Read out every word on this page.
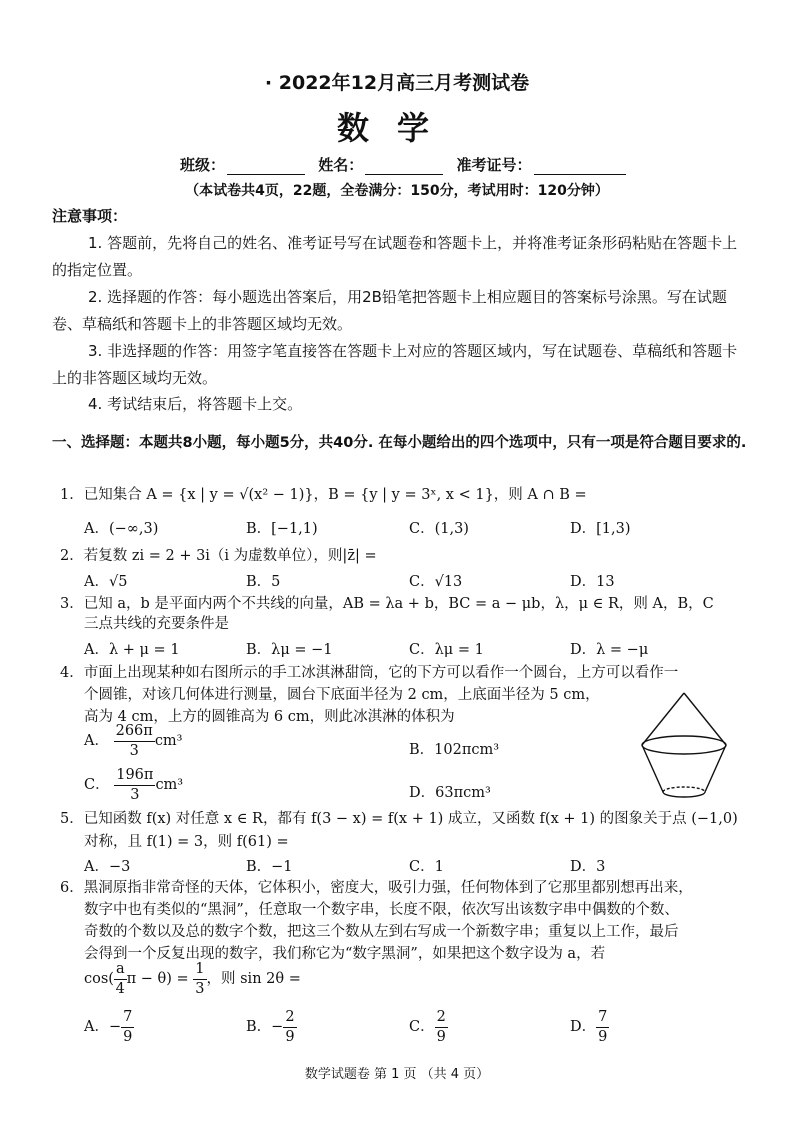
· 2022年12月高三月考测试卷
数学
班级：	姓名：	准考证号：
（本试卷共4页，22题，全卷满分：150分，考试用时：120分钟）
注意事项：
1. 答题前，先将自己的姓名、准考证号写在试题卷和答题卡上，并将准考证条形码粘贴在答题卡上的指定位置。
2. 选择题的作答：每小题选出答案后，用2B铅笔把答题卡上相应题目的答案标号涂黑。写在试题卷、草稿纸和答题卡上的非答题区域均无效。
3. 非选择题的作答：用签字笔直接答在答题卡上对应的答题区域内，写在试题卷、草稿纸和答题卡上的非答题区域均无效。
4. 考试结束后，将答题卡上交。
一、选择题：本题共8小题，每小题5分，共40分. 在每小题给出的四个选项中，只有一项是符合题目要求的.
1．已知集合 A = {x | y = √(x² − 1)}，B = {y | y = 3ˣ, x < 1}，则 A ∩ B =
A．(−∞,3)	B．[−1,1)	C．(1,3)	D．[1,3)
2．若复数 zi = 2 + 3i（i 为虚数单位），则|z̄| =
A．√5	B．5	C．√13	D．13
3．已知 a，b 是平面内两个不共线的向量，AB = λa + b，BC = a − μb，λ，μ ∈ R，则 A，B，C
三点共线的充要条件是
A．λ + μ = 1	B．λμ = −1	C．λμ = 1	D．λ = −μ
4．市面上出现某种如右图所示的手工冰淇淋甜筒，它的下方可以看作一个圆台，上方可以看作一
个圆锥，对该几何体进行测量，圆台下底面半径为 2 cm，上底面半径为 5 cm，
高为 4 cm，上方的圆锥高为 6 cm，则此冰淇淋的体积为
A． $\frac{266\pi}{3} cm^3$
B．102πcm³
C． $\frac{196\pi}{3} cm^3$	D．63πcm³
5．已知函数 f(x) 对任意 x ∈ R，都有 f(3 − x) = f(x + 1) 成立，又函数 f(x + 1) 的图象关于点 (−1,0)
对称，且 f(1) = 3，则 f(61) =
A．−3	B．−1	C．1	D．3
6．黑洞原指非常奇怪的天体，它体积小，密度大，吸引力强，任何物体到了它那里都别想再出来，
数字中也有类似的“黑洞”，任意取一个数字串，长度不限，依次写出该数字串中偶数的个数、
奇数的个数以及总的数字个数，把这三个数从左到右写成一个新数字串；重复以上工作，最后
会得到一个反复出现的数字，我们称它为“数字黑洞”，如果把这个数字设为 a，若
$\cos( \frac{a}{4}$ $\pi - \theta) = \frac{1}{3}$ ，则 sin 2θ =
A．− $\frac{7}{9}$	B．− $\frac{2}{9}$	C． $\frac{2}{9}$	D． $\frac{7}{9}$
数学试题卷 第 1 页 （共 4 页）
